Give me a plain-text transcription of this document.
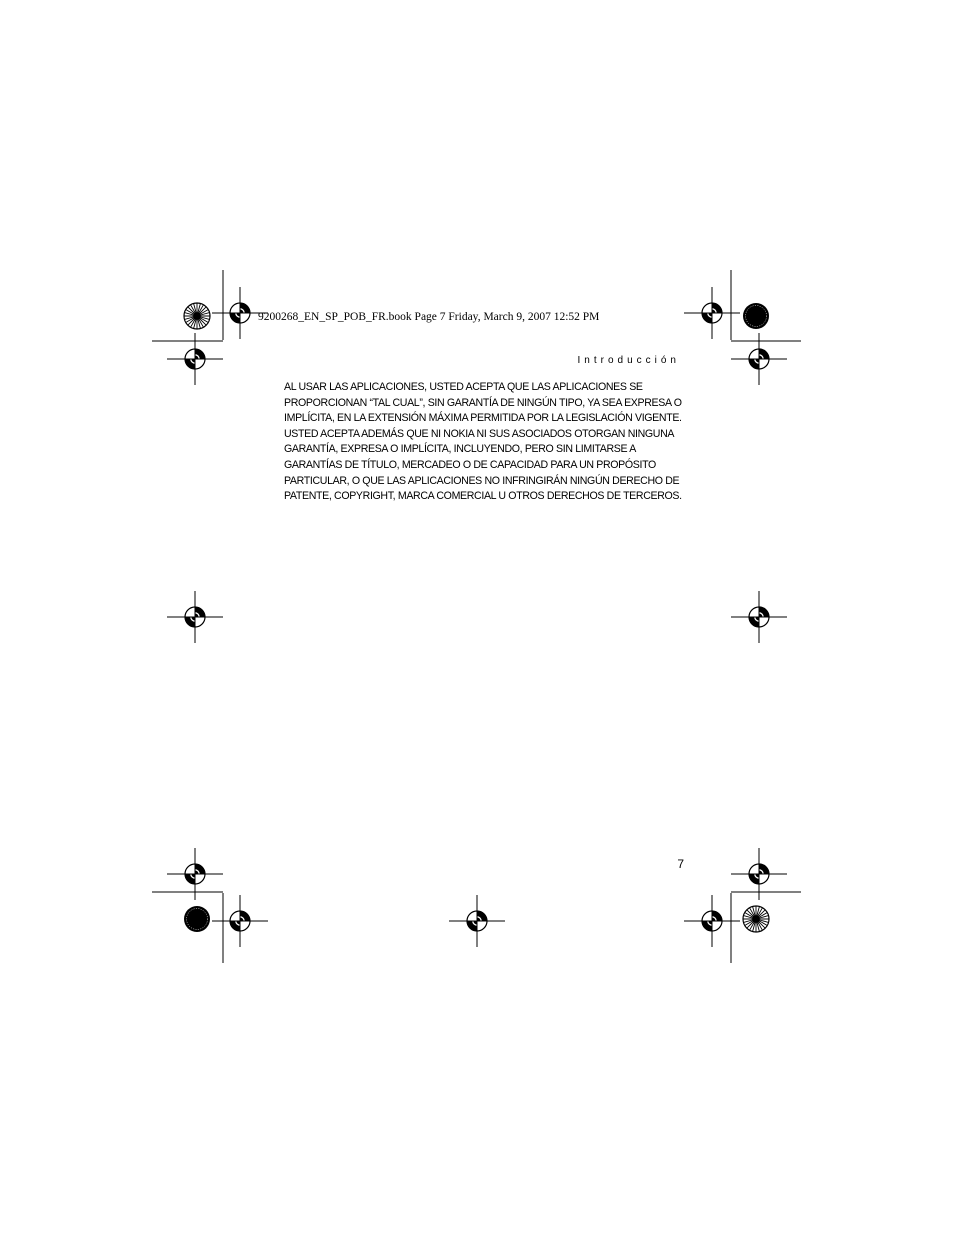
9200268_EN_SP_POB_FR.book Page 7 Friday, March 9, 2007 12:52 PM
Introducción
AL USAR LAS APLICACIONES, USTED ACEPTA QUE LAS APLICACIONES SE
PROPORCIONAN “TAL CUAL”, SIN GARANTÍA DE NINGÚN TIPO, YA SEA EXPRESA O
IMPLÍCITA, EN LA EXTENSIÓN MÁXIMA PERMITIDA POR LA LEGISLACIÓN VIGENTE.
USTED ACEPTA ADEMÁS QUE NI NOKIA NI SUS ASOCIADOS OTORGAN NINGUNA
GARANTÍA, EXPRESA O IMPLÍCITA, INCLUYENDO, PERO SIN LIMITARSE A
GARANTÍAS DE TÍTULO, MERCADEO O DE CAPACIDAD PARA UN PROPÓSITO
PARTICULAR, O QUE LAS APLICACIONES NO INFRINGIRÁN NINGÚN DERECHO DE
PATENTE, COPYRIGHT, MARCA COMERCIAL U OTROS DERECHOS DE TERCEROS.
7
